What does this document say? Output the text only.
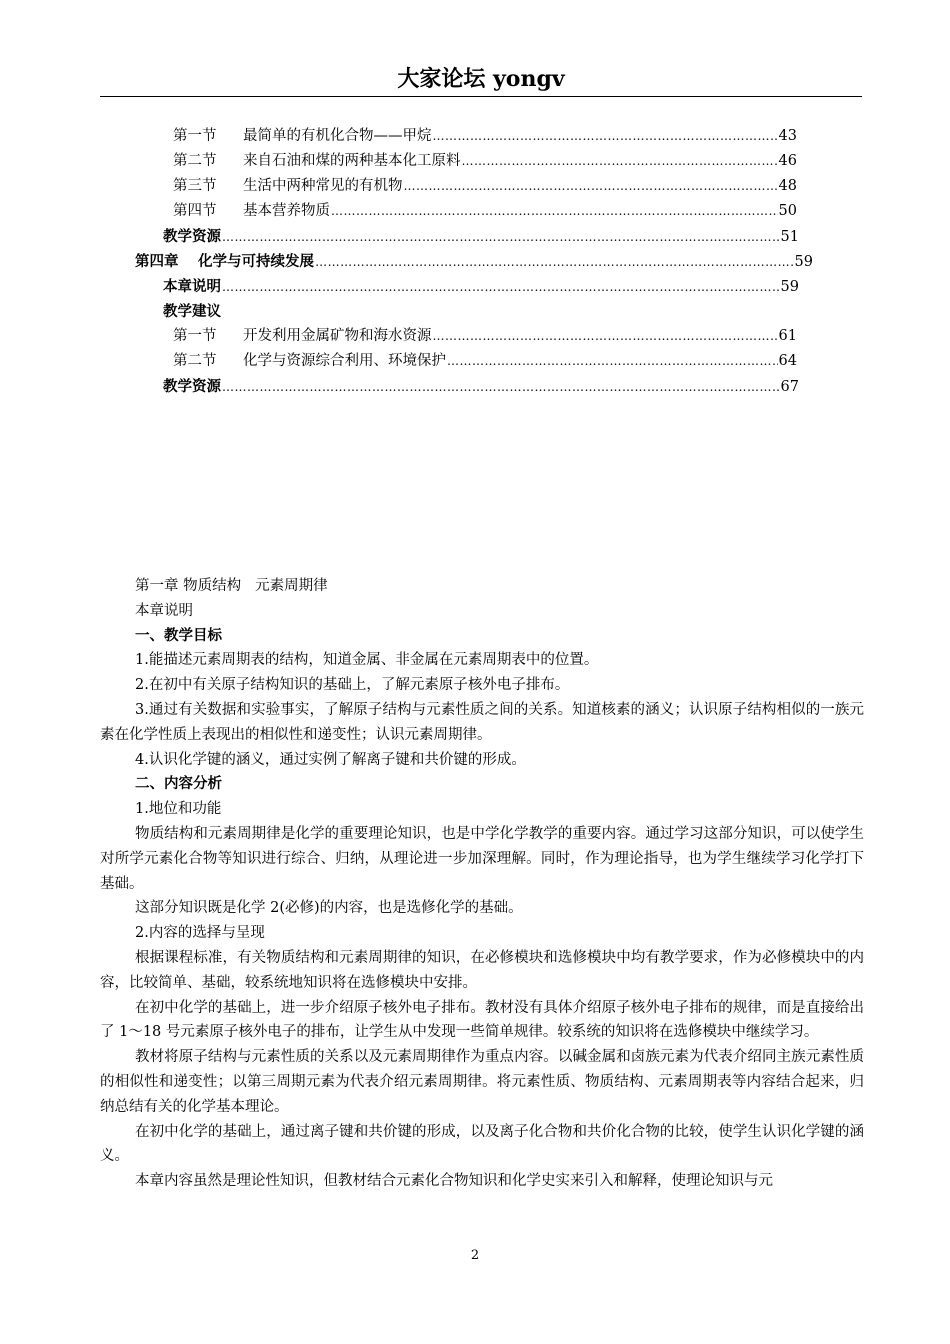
大家论坛 yongv
第一节	最简单的有机化合物——甲烷 ……………………………………………………………………………………………………………………………………………………………………………………………………………………	43
第二节	来自石油和煤的两种基本化工原料 ……………………………………………………………………………………………………………………………………………………………………………………………………………………	46
第三节	生活中两种常见的有机物 ……………………………………………………………………………………………………………………………………………………………………………………………………………………	48
第四节	基本营养物质 ……………………………………………………………………………………………………………………………………………………………………………………………………………………	50
教学资源 ……………………………………………………………………………………………………………………………………………………………………………………………………………………	51
第四章　 化学与可持续发展 ……………………………………………………………………………………………………………………………………………………………………………………………………………………	59
本章说明 ……………………………………………………………………………………………………………………………………………………………………………………………………………………	59
教学建议
第一节	开发利用金属矿物和海水资源 ……………………………………………………………………………………………………………………………………………………………………………………………………………………	61
第二节	化学与资源综合利用、环境保护 ……………………………………………………………………………………………………………………………………………………………………………………………………………………	64
教学资源 ……………………………………………………………………………………………………………………………………………………………………………………………………………………	67

第一章 物质结构 元素周期律

本章说明

一、教学目标

1.能描述元素周期表的结构，知道金属、非金属在元素周期表中的位置。

2.在初中有关原子结构知识的基础上，了解元素原子核外电子排布。

3.通过有关数据和实验事实，了解原子结构与元素性质之间的关系。知道核素的涵义；认识原子结构相似的一族元素在化学性质上表现出的相似性和递变性；认识元素周期律。

4.认识化学键的涵义，通过实例了解离子键和共价键的形成。

二、内容分析

1.地位和功能

物质结构和元素周期律是化学的重要理论知识，也是中学化学教学的重要内容。通过学习这部分知识，可以使学生对所学元素化合物等知识进行综合、归纳，从理论进一步加深理解。同时，作为理论指导，也为学生继续学习化学打下基础。

这部分知识既是化学 2(必修)的内容，也是选修化学的基础。

2.内容的选择与呈现

根据课程标准，有关物质结构和元素周期律的知识，在必修模块和选修模块中均有教学要求，作为必修模块中的内容，比较简单、基础，较系统地知识将在选修模块中安排。

在初中化学的基础上，进一步介绍原子核外电子排布。教材没有具体介绍原子核外电子排布的规律，而是直接给出了 1～18 号元素原子核外电子的排布，让学生从中发现一些简单规律。较系统的知识将在选修模块中继续学习。

教材将原子结构与元素性质的关系以及元素周期律作为重点内容。以碱金属和卤族元素为代表介绍同主族元素性质的相似性和递变性；以第三周期元素为代表介绍元素周期律。将元素性质、物质结构、元素周期表等内容结合起来，归纳总结有关的化学基本理论。

在初中化学的基础上，通过离子键和共价键的形成，以及离子化合物和共价化合物的比较，使学生认识化学键的涵义。

本章内容虽然是理论性知识，但教材结合元素化合物知识和化学史实来引入和解释，使理论知识与元

2
